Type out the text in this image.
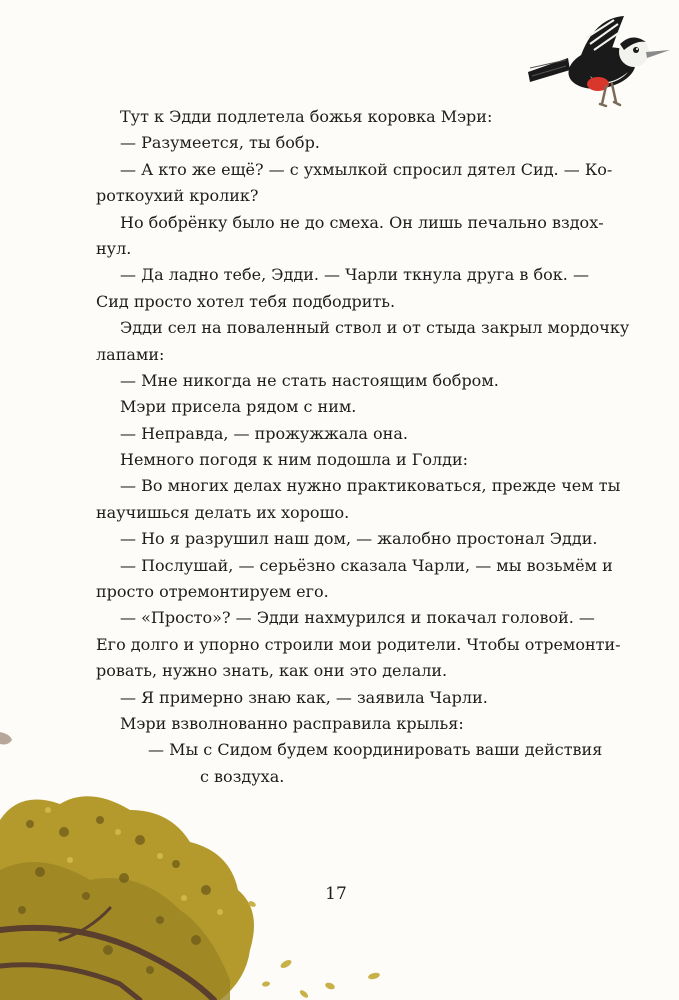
Тут к Эдди подлетела божья коровка Мэри:
— Разумеется, ты бобр.
— А кто же ещё? — с ухмылкой спросил дятел Сид. — Ко-
роткоухий кролик?
Но бобрёнку было не до смеха. Он лишь печально вздох-
нул.
— Да ладно тебе, Эдди. — Чарли ткнула друга в бок. —
Сид просто хотел тебя подбодрить.
Эдди сел на поваленный ствол и от стыда закрыл мордочку
лапами:
— Мне никогда не стать настоящим бобром.
Мэри присела рядом с ним.
— Неправда, — прожужжала она.
Немного погодя к ним подошла и Голди:
— Во многих делах нужно практиковаться, прежде чем ты
научишься делать их хорошо.
— Но я разрушил наш дом, — жалобно простонал Эдди.
— Послушай, — серьёзно сказала Чарли, — мы возьмём и
просто отремонтируем его.
— «Просто»? — Эдди нахмурился и покачал головой. —
Его долго и упорно строили мои родители. Чтобы отремонти-
ровать, нужно знать, как они это делали.
— Я примерно знаю как, — заявила Чарли.
Мэри взволнованно расправила крылья:
— Мы с Сидом будем координировать ваши действия
с воздуха.
17
